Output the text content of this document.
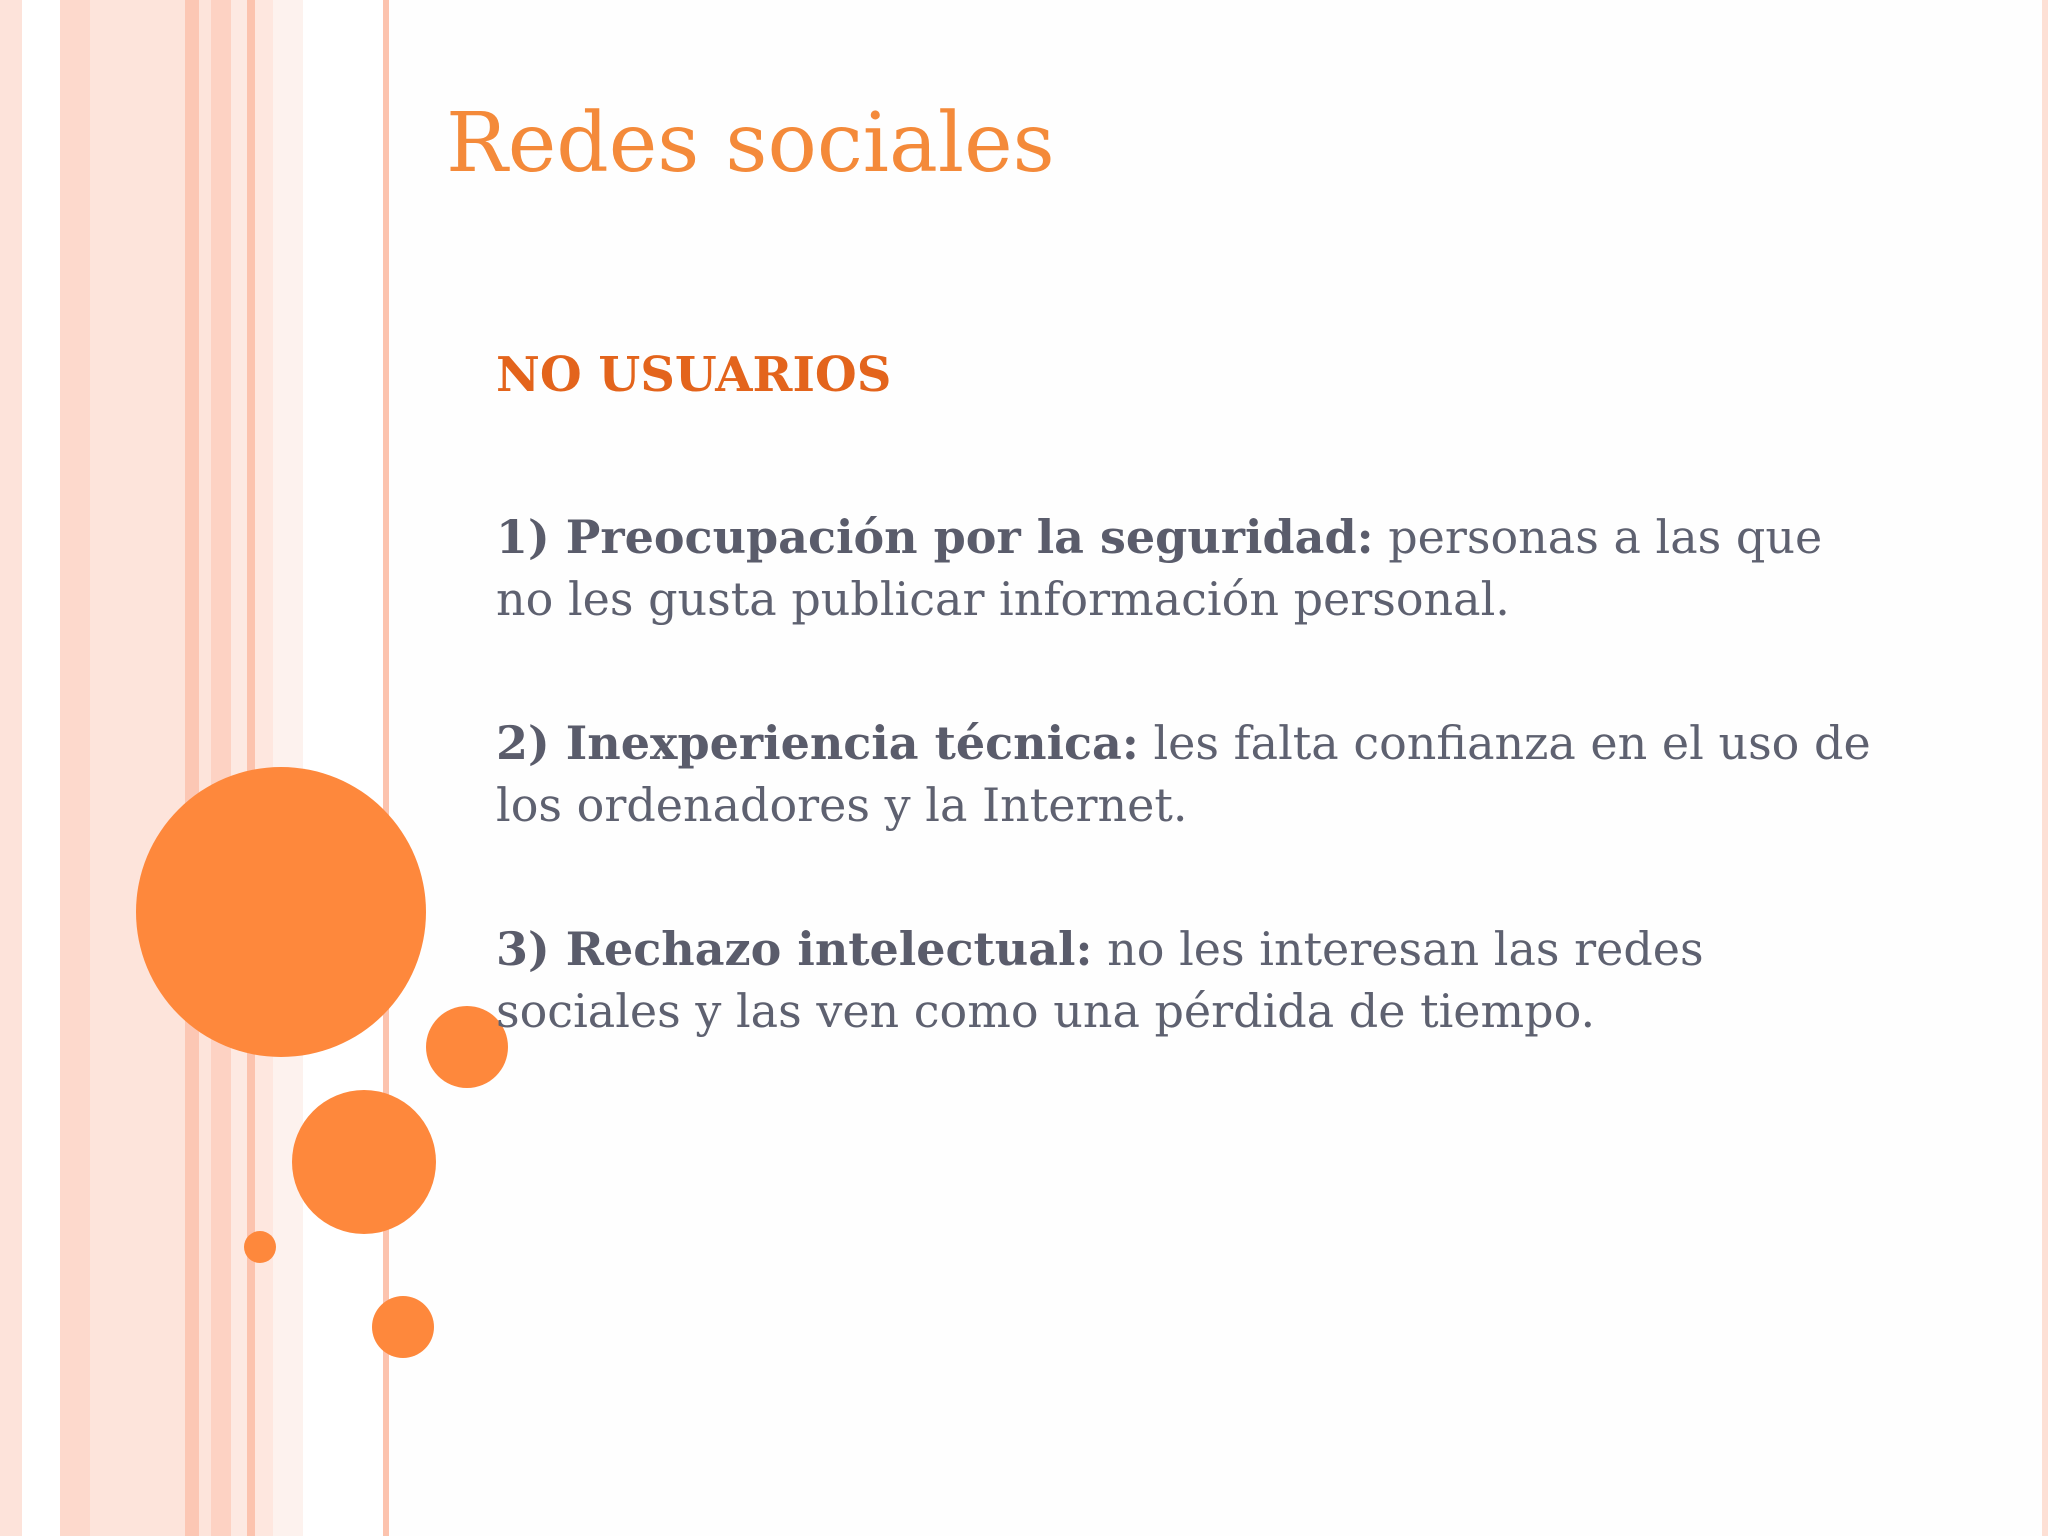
Redes sociales

NO USUARIOS

1) Preocupación por la seguridad: personas a las que no les gusta publicar información personal.

2) Inexperiencia técnica: les falta confianza en el uso de los ordenadores y la Internet.

3) Rechazo intelectual: no les interesan las redes sociales y las ven como una pérdida de tiempo.
